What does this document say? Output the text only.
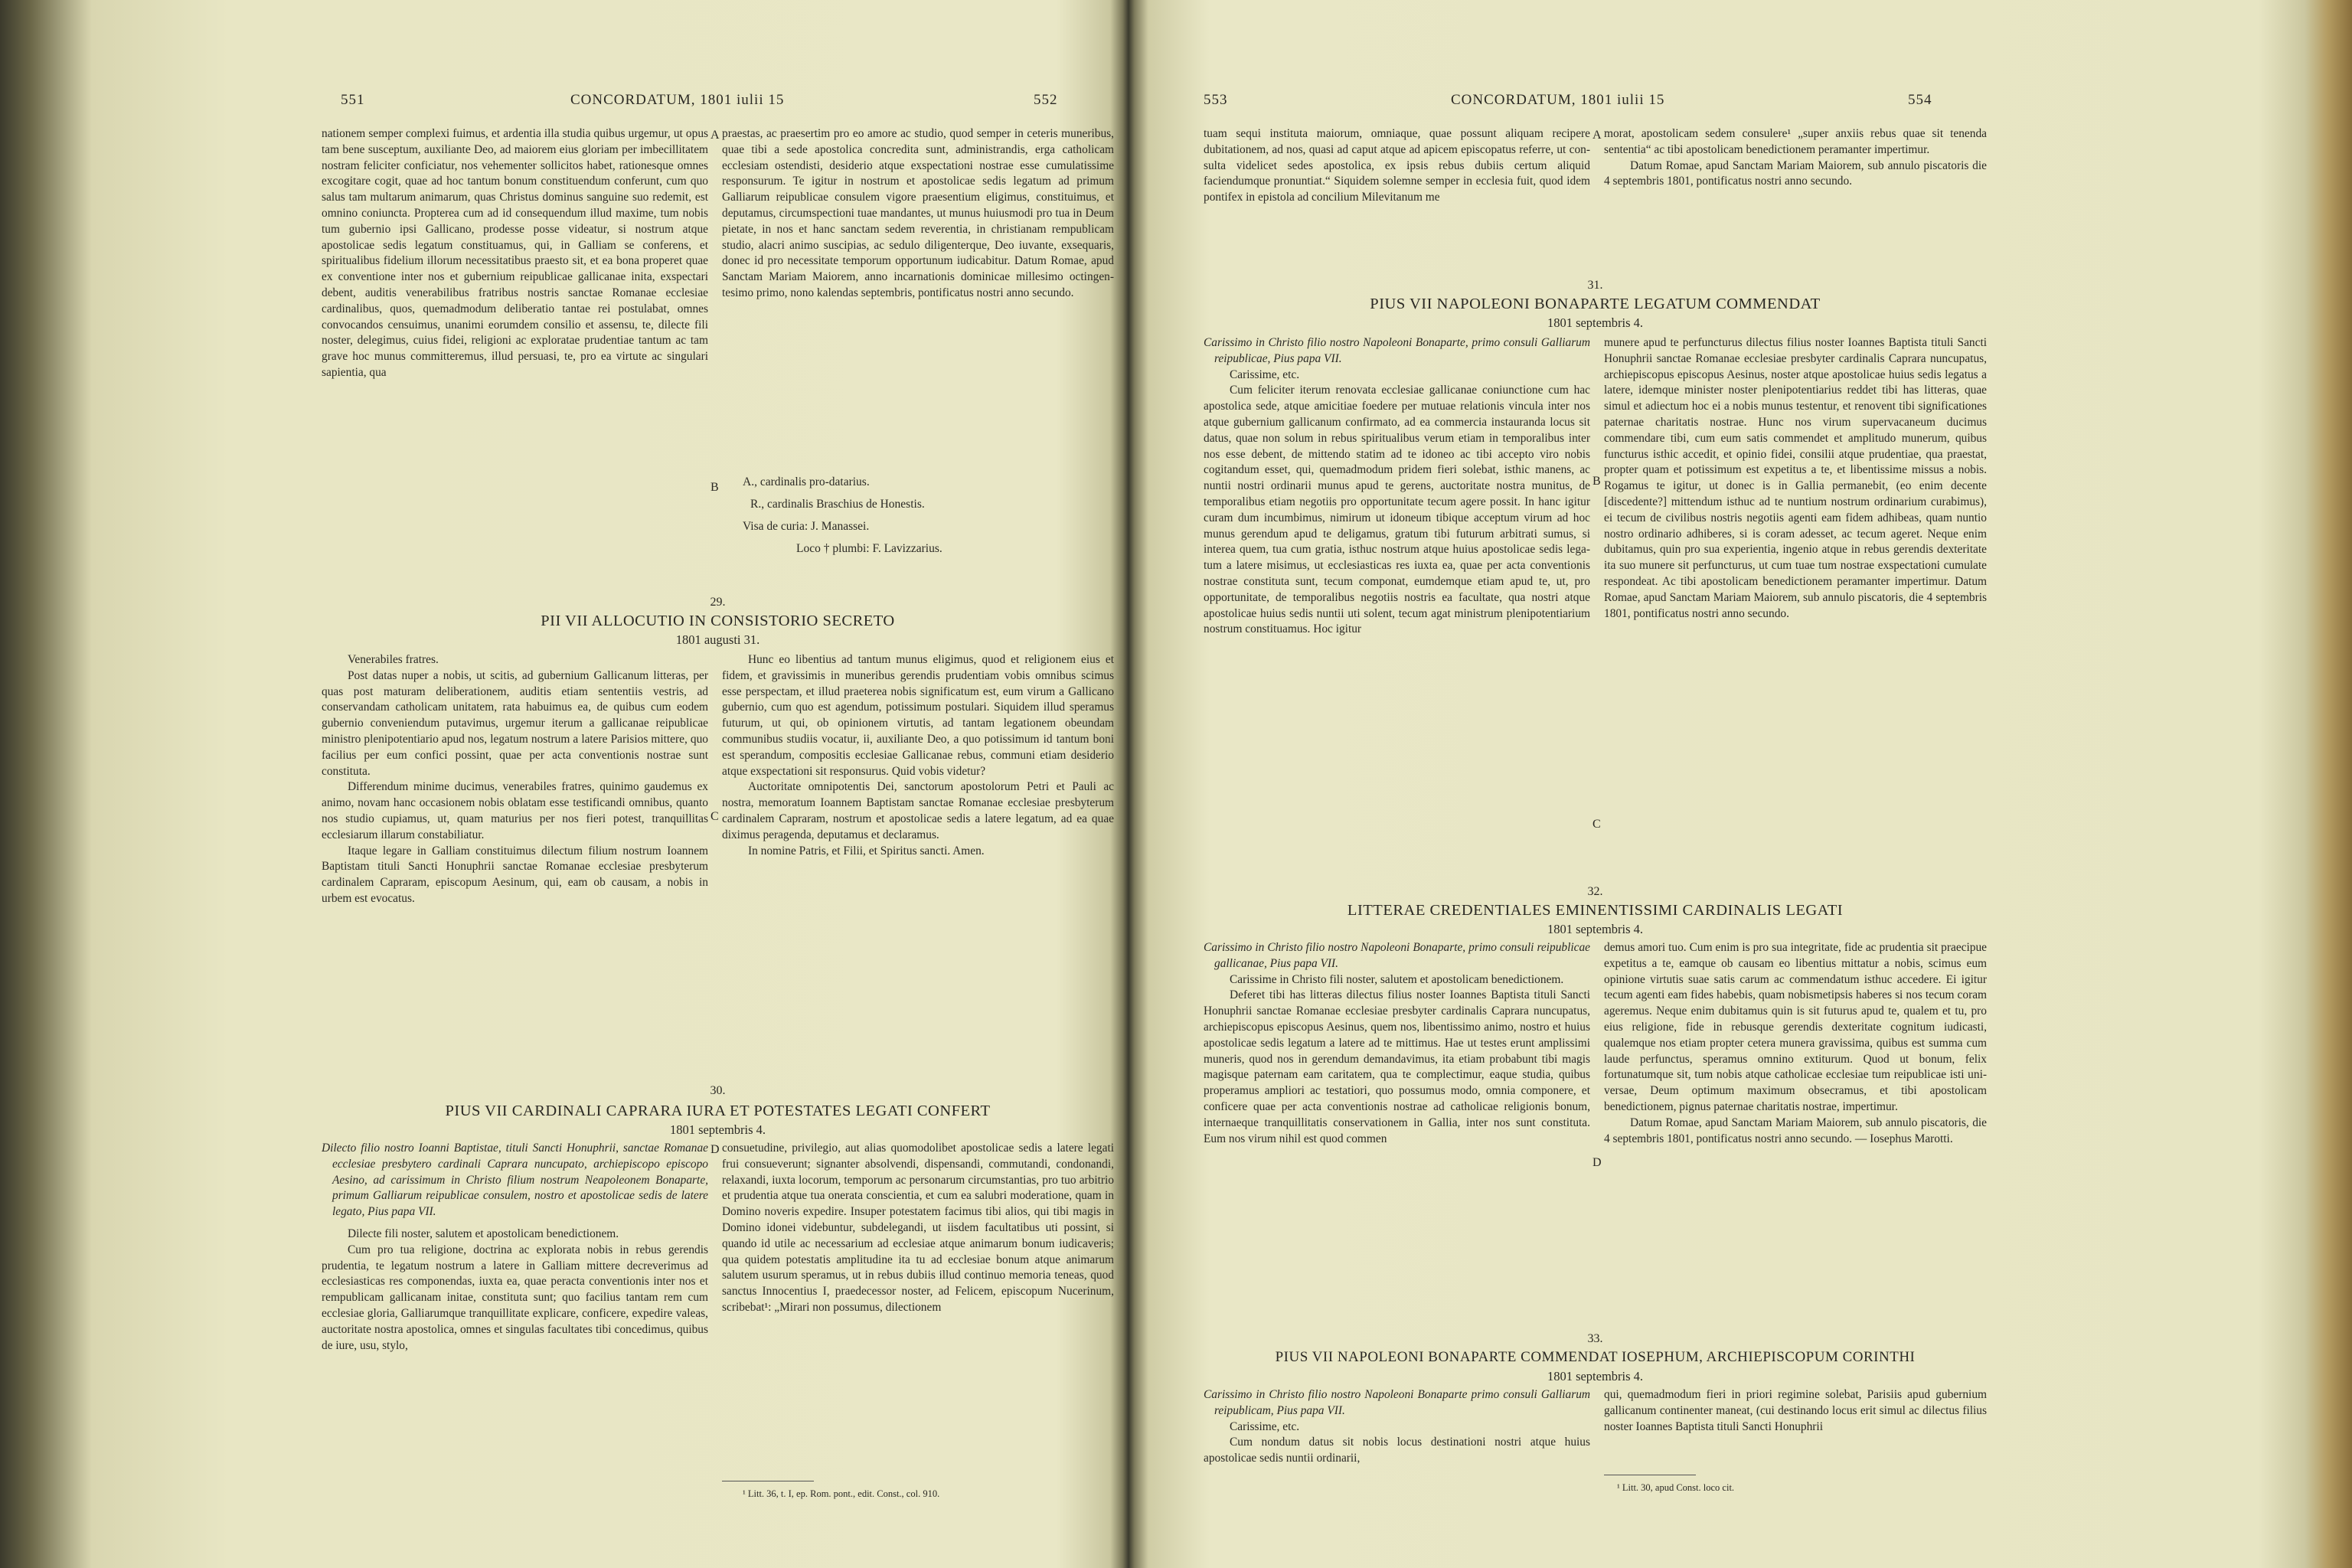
551	CONCORDATUM, 1801 iulii 15	552
nationem semper complexi fuimus, et ardentia illa studia quibus urgemur, ut opus tam bene susceptum, auxiliante Deo, ad maiorem eius gloriam per imbecillitatem nostram feliciter conficiatur, nos vehementer sollicitos habet, rationesque omnes excogitare cogit, quae ad hoc tantum bonum constituendum conferunt, cum quo salus tam multarum animarum, quas Christus dominus sanguine suo redemit, est omnino coniuncta. Propterea cum ad id consequendum illud maxime, tum nobis tum gubernio ipsi Gallicano, prodesse posse videatur, si nostrum atque apostolicae sedis legatum constituamus, qui, in Galliam se conferens, et spiritualibus fidelium illorum necessitatibus praesto sit, et ea bona properet quae ex conventione inter nos et gubernium reipublicae gallicanae inita, exspectari debent, auditis venerabilibus fratribus nostris sanctae Romanae ecclesiae cardinalibus, quos, quemadmodum deliberatio tantae rei postulabat, omnes convocandos censuimus, unanimi eorumdem consilio et assensu, te, dilecte fili noster, delegimus, cuius fidei, religioni ac exploratae prudentiae tantum ac tam grave hoc munus committeremus, illud persuasi, te, pro ea virtute ac singulari sapientia, qua
A
B
praestas, ac praesertim pro eo amore ac studio, quod semper in ceteris muneribus, quae tibi a sede apostolica concredita sunt, administrandis, erga catholicam ecclesiam ostendisti, desiderio atque exspectationi nostrae esse cumulatissime responsurum. Te igitur in nostrum et apostolicae sedis legatum ad primum Galliarum reipublicae consulem vigore praesentium eligimus, constituimus, et deputamus, circumspectioni tuae mandantes, ut munus huiusmodi pro tua in Deum pietate, in nos et hanc sanctam sedem reverentia, in christianam rempublicam studio, alacri animo suscipias, ac sedulo diligenterque, Deo iuvante, exsequaris, donec id pro necessitate temporum opportunum iudicabitur. Datum Romae, apud Sanctam Mariam Maiorem, anno incarnationis dominicae millesimo octingentesimo primo, nono kalendas septembris, pontificatus nostri anno secundo.
A., cardinalis pro-datarius.
R., cardinalis Braschius de Honestis.
Visa de curia: J. Manassei.
Loco † plumbi: F. Lavizzarius.
29.
PII VII ALLOCUTIO IN CONSISTORIO SECRETO
1801 augusti 31.

Venerabiles fratres.

Post datas nuper a nobis, ut scitis, ad gubernium Gallicanum litteras, per quas post maturam deliberationem, auditis etiam sententiis vestris, ad conservandam catholicam unitatem, rata habuimus ea, de quibus cum eodem gubernio conveniendum putavimus, urgemur iterum a gallicanae reipublicae ministro plenipotentiario apud nos, legatum nostrum a latere Parisios mittere, quo facilius per eum confici possint, quae per acta conventionis nostrae sunt constituta.

Differendum minime ducimus, venerabiles fratres, quinimo gaudemus ex animo, novam hanc occasionem nobis oblatam esse testificandi omnibus, quanto nos studio cupiamus, ut, quam maturius per nos fieri potest, tranquillitas ecclesiarum illarum constabiliatur.

Itaque legare in Galliam constituimus dilectum filium nostrum Ioannem Baptistam tituli Sancti Honuphrii sanctae Romanae ecclesiae presbyterum cardinalem Capraram, episcopum Aesinum, qui, eam ob causam, a nobis in urbem est evocatus.

C

Hunc eo libentius ad tantum munus eligimus, quod et religionem eius et fidem, et gravissimis in muneribus gerendis prudentiam vobis omnibus scimus esse perspectam, et illud praeterea nobis significatum est, eum virum a Gallicano gubernio, cum quo est agendum, potissimum postulari. Siquidem illud speramus futurum, ut qui, ob opinionem virtutis, ad tantam legationem obeundam communibus studiis vocatur, ii, auxiliante Deo, a quo potissimum id tantum boni est sperandum, compositis ecclesiae Gallicanae rebus, communi etiam desiderio atque exspectationi sit responsurus. Quid vobis videtur?

Auctoritate omnipotentis Dei, sanctorum apostolorum Petri et Pauli ac nostra, memoratum Ioannem Baptistam sanctae Romanae ecclesiae presbyterum cardinalem Capraram, nostrum et apostolicae sedis a latere legatum, ad ea quae diximus peragenda, deputamus et declaramus.

In nomine Patris, et Filii, et Spiritus sancti. Amen.

30.
PIUS VII CARDINALI CAPRARA IURA ET POTESTATES LEGATI CONFERT
1801 septembris 4.

Dilecto filio nostro Ioanni Baptistae, tituli Sancti Honuphrii, sanctae Romanae ecclesiae presbytero cardinali Caprara nuncupato, archiepiscopo episcopo Aesino, ad carissimum in Christo filium nostrum Neapoleonem Bonaparte, primum Galliarum reipublicae consulem, nostro et apostolicae sedis de latere legato, Pius papa VII.

Dilecte fili noster, salutem et apostolicam benedictionem.

Cum pro tua religione, doctrina ac explorata nobis in rebus gerendis prudentia, te legatum nostrum a latere in Galliam mittere decreverimus ad ecclesiasticas res componendas, iuxta ea, quae peracta conventionis inter nos et rempublicam gallicanam initae, constituta sunt; quo facilius tantam rem cum ecclesiae gloria, Galliarumque tranquillitate explicare, conficere, expedire valeas, auctoritate nostra apostolica, omnes et singulas facultates tibi concedimus, quibus de iure, usu, stylo,

D consuetudine, privilegio, aut alias quomodolibet apostolicae sedis a latere legati frui consueverunt; signanter absolvendi, dispensandi, commutandi, condonandi, relaxandi, iuxta locorum, temporum ac personarum circumstantias, pro tuo arbitrio et prudentia atque tua onerata conscientia, et cum ea salubri moderatione, quam in Domino noveris expedire. Insuper potestatem facimus tibi alios, qui tibi magis in Domino idonei videbuntur, subdelegandi, ut iisdem facultatibus uti possint, si quando id utile ac necessarium ad ecclesiae atque animarum bonum iudicaveris; qua quidem potestatis amplitudine ita tu ad ecclesiae bonum atque animarum salutem usurum speramus, ut in rebus dubiis illud continuo memoria teneas, quod sanctus Innocentius I, praedecessor noster, ad Felicem, episcopum Nucerinum, scribebat¹: „Mirari non possumus, dilectionem
¹ Litt. 36, t. I, ep. Rom. pont., edit. Const., col. 910.
553	CONCORDATUM, 1801 iulii 15	554
tuam sequi instituta maiorum, omniaque, quae possunt aliquam recipere dubitationem, ad nos, quasi ad caput atque ad apicem episcopatus referre, ut consulta videlicet sedes apostolica, ex ipsis rebus dubiis certum aliquid faciendumque pronuntiat.“ Siquidem solemne semper in ecclesia fuit, quod idem pontifex in epistola ad concilium Milevitanum me
A morat, apostolicam sedem consulere¹ „super anxiis rebus quae sit tenenda sententia“ ac tibi apostolicam benedictionem peramanter impertimur.

Datum Romae, apud Sanctam Mariam Maiorem, sub annulo piscatoris die 4 septembris 1801, pontificatus nostri anno secundo.

31.
PIUS VII NAPOLEONI BONAPARTE LEGATUM COMMENDAT
1801 septembris 4.

Carissimo in Christo filio nostro Napoleoni Bonaparte, primo consuli Galliarum reipublicae, Pius papa VII.

Carissime, etc.

Cum feliciter iterum renovata ecclesiae gallicanae coniunctione cum hac apostolica sede, atque amicitiae foedere per mutuae relationis vincula inter nos atque gubernium gallicanum confirmato, ad ea commercia instauranda locus sit datus, quae non solum in rebus spiritualibus verum etiam in temporalibus inter nos esse debent, de mittendo statim ad te idoneo ac tibi accepto viro nobis cogitandum esset, qui, quemadmodum pridem fieri solebat, isthic manens, ac nuntii nostri ordinarii munus apud te gerens, auctoritate nostra munitus, de temporalibus etiam negotiis pro opportunitate tecum agere possit. In hanc igitur curam dum incumbimus, nimirum ut idoneum tibique acceptum virum ad hoc munus gerendum apud te deligamus, gratum tibi futurum arbitrati sumus, si interea quem, tua cum gratia, isthuc nostrum atque huius apostolicae sedis legatum a latere misimus, ut ecclesiasticas res iuxta ea, quae per acta conventionis nostrae constituta sunt, tecum componat, eumdemque etiam apud te, ut, pro opportunitate, de temporalibus negotiis nostris ea facultate, qua nostri atque apostolicae huius sedis nuntii uti solent, tecum agat ministrum plenipotentiarium nostrum constituamus. Hoc igitur

B
C
munere apud te perfuncturus dilectus filius noster Ioannes Baptista tituli Sancti Honuphrii sanctae Romanae ecclesiae presbyter cardinalis Caprara nuncupatus, archiepiscopus episcopus Aesinus, noster atque apostolicae huius sedis legatus a latere, idemque minister noster plenipotentiarius reddet tibi has litteras, quae simul et adiectum hoc ei a nobis munus testentur, et renovent tibi significationes paternae charitatis nostrae. Hunc nos virum supervacaneum ducimus commendare tibi, cum eum satis commendet et amplitudo munerum, quibus functurus isthic accedit, et opinio fidei, consilii atque prudentiae, qua praestat, propter quam et potissimum est expetitus a te, et libentissime missus a nobis. Rogamus te igitur, ut donec is in Gallia permanebit, (eo enim decente [discedente?] mittendum isthuc ad te nuntium nostrum ordinarium curabimus), ei tecum de civilibus nostris negotiis agenti eam fidem adhibeas, quam nuntio nostro ordinario adhiberes, si is coram adesset, ac tecum ageret. Neque enim dubitamus, quin pro sua experientia, ingenio atque in rebus gerendis dexteritate ita suo munere sit perfuncturus, ut cum tuae tum nostrae exspectationi cumulate respondeat. Ac tibi apostolicam benedictionem peramanter impertimur. Datum Romae, apud Sanctam Mariam Maiorem, sub annulo piscatoris, die 4 septembris 1801, pontificatus nostri anno secundo.
32.
LITTERAE CREDENTIALES EMINENTISSIMI CARDINALIS LEGATI
1801 septembris 4.

Carissimo in Christo filio nostro Napoleoni Bonaparte, primo consuli reipublicae gallicanae, Pius papa VII.

Carissime in Christo fili noster, salutem et apostolicam benedictionem.

Deferet tibi has litteras dilectus filius noster Ioannes Baptista tituli Sancti Honuphrii sanctae Romanae ecclesiae presbyter cardinalis Caprara nuncupatus, archiepiscopus episcopus Aesinus, quem nos, libentissimo animo, nostro et huius apostolicae sedis legatum a latere ad te mittimus. Hae ut testes erunt amplissimi muneris, quod nos in gerendum demandavimus, ita etiam probabunt tibi magis magisque paternam eam caritatem, qua te complectimur, eaque studia, quibus properamus ampliori ac testatiori, quo possumus modo, omnia componere, et conficere quae per acta conventionis nostrae ad catholicae religionis bonum, internaeque tranquillitatis conservationem in Gallia, inter nos sunt constituta. Eum nos virum nihil est quod commen

D

demus amori tuo. Cum enim is pro sua integritate, fide ac prudentia sit praecipue expetitus a te, eamque ob causam eo libentius mittatur a nobis, scimus eum opinione virtutis suae satis carum ac commendatum isthuc accedere. Ei igitur tecum agenti eam fides habebis, quam nobismetipsis haberes si nos tecum coram ageremus. Neque enim dubitamus quin is sit futurus apud te, qualem et tu, pro eius religione, fide in rebusque gerendis dexteritate cognitum iudicasti, qualemque nos etiam propter cetera munera gravissima, quibus est summa cum laude perfunctus, speramus omnino extiturum. Quod ut bonum, felix fortunatumque sit, tum nobis atque catholicae ecclesiae tum reipublicae isti universae, Deum optimum maximum obsecramus, et tibi apostolicam benedictionem, pignus paternae charitatis nostrae, impertimur.

Datum Romae, apud Sanctam Mariam Maiorem, sub annulo piscatoris, die 4 septembris 1801, pontificatus nostri anno secundo. — Iosephus Marotti.

33.
PIUS VII NAPOLEONI BONAPARTE COMMENDAT IOSEPHUM, ARCHIEPISCOPUM CORINTHI
1801 septembris 4.

Carissimo in Christo filio nostro Napoleoni Bonaparte primo consuli Galliarum reipublicam, Pius papa VII.

Carissime, etc.

Cum nondum datus sit nobis locus destinationi nostri atque huius apostolicae sedis nuntii ordinarii,

qui, quemadmodum fieri in priori regimine solebat, Parisiis apud gubernium gallicanum continenter maneat, (cui destinando locus erit simul ac dilectus filius noster Ioannes Baptista tituli Sancti Honuphrii
¹ Litt. 30, apud Const. loco cit.
